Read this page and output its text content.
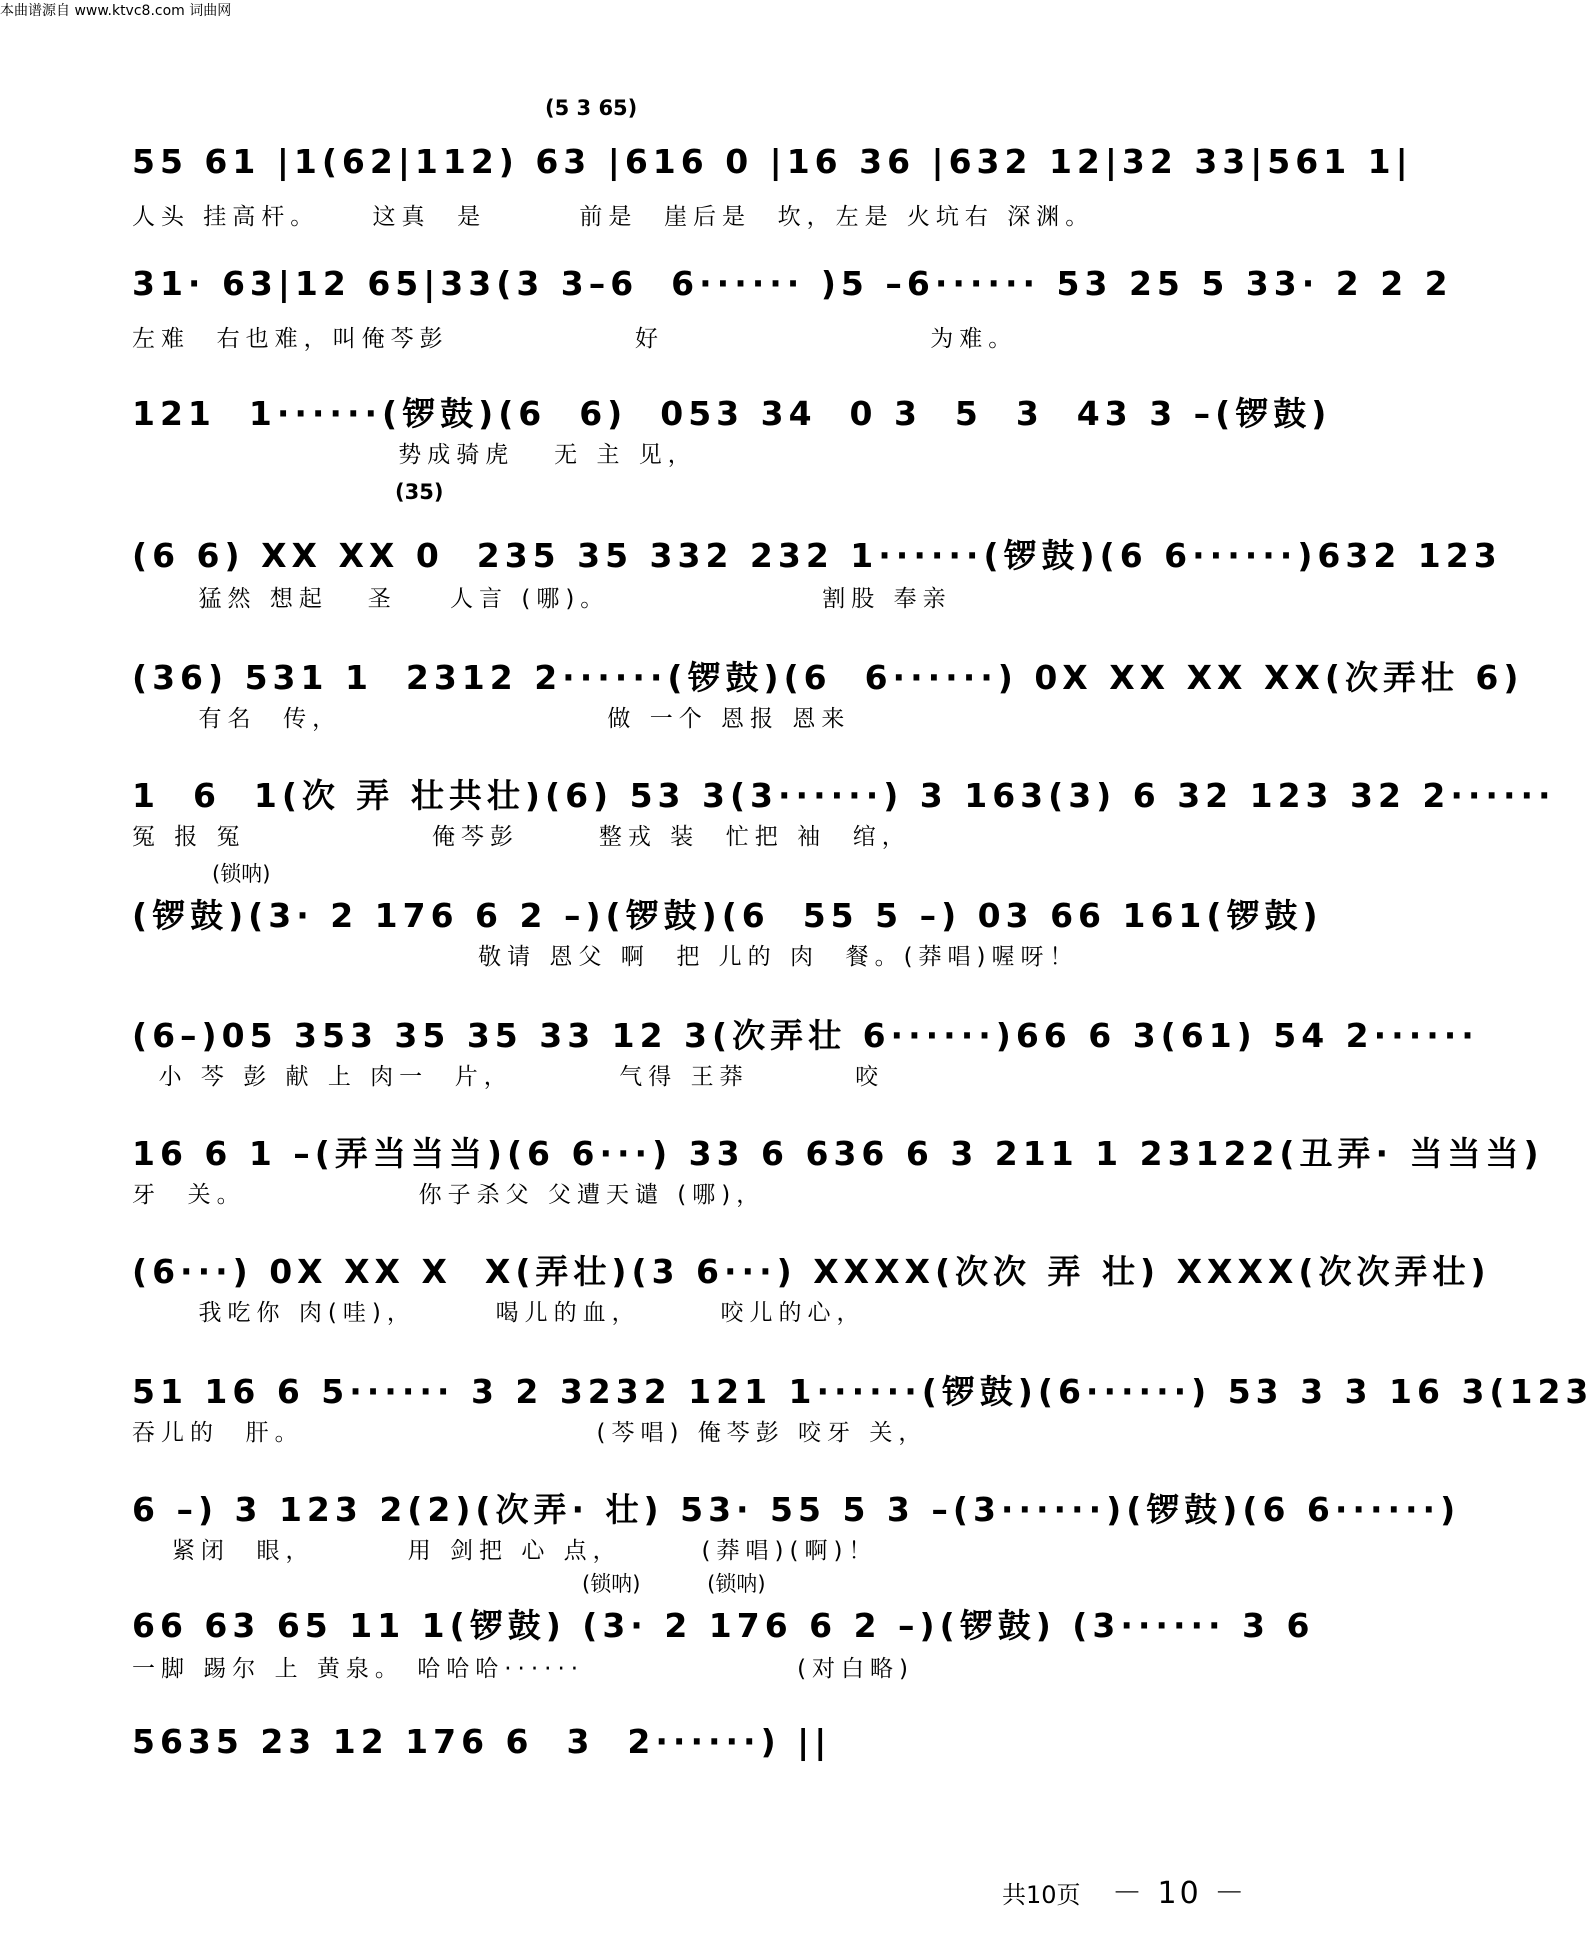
本曲谱源自 www.ktvc8.com 词曲网
(5 3 65)
55 61 |1(62|112) 63 |616 0 |16 36 |632 12|32 33|561 1|
人头 挂高杆。    这真  是       前是  崖后是  坎，左是 火坑右 深渊。
31· 63|12 65|33(3 3–6  6······ )5 –6······ 53 25 5 33· 2 2 2
左难  右也难，叫俺芩彭              好                    为难。
121  1······(锣鼓)(6  6)  053 34  0 3  5  3  43 3 –(锣鼓)
势成骑虎   无 主 见，
(35)
(6 6) XX XX 0  235 35 332 232 1······(锣鼓)(6 6······)632 123
猛然 想起   圣    人言 (哪)。                割股 奉亲
(36) 531 1  2312 2······(锣鼓)(6  6······) 0X XX XX XX(次弄壮 6)
有名  传，                    做 一个 恩报 恩来
1  6  1(次 弄 壮共壮)(6) 53 3(3······) 3 163(3) 6 32 123 32 2······
冤 报 冤              俺芩彭      整戎 装  忙把 袖  绾，
(锁呐)
(锣鼓)(3· 2 176 6 2 –)(锣鼓)(6  55 5 –) 03 66 161(锣鼓)
敬请 恩父 啊  把 儿的 肉  餐。(莽唱)喔呀！
(6–)05 353 35 35 33 12 3(次弄壮 6······)66 6 3(61) 54 2······
小 芩 彭 献 上 肉一  片，        气得 王莽        咬
16 6 1 –(弄当当当)(6 6···) 33 6 636 6 3 211 1 23122(丑弄· 当当当)
牙  关。             你子杀父 父遭天谴 (哪)，
(6···) 0X XX X  X(弄壮)(3 6···) XXXX(次次 弄 壮) XXXX(次次弄壮)
我吃你 肉(哇)，      喝儿的血，      咬儿的心，
51 16 6 5······ 3 2 3232 121 1······(锣鼓)(6······) 53 3 3 16 3(123
吞儿的  肝。                      (芩唱) 俺芩彭 咬牙 关，
6 –) 3 123 2(2)(次弄· 壮) 53· 55 5 3 –(3······)(锣鼓)(6 6······)
紧闭  眼，       用 剑把 心 点，      (莽唱)(啊)！
(锁呐)          (锁呐)
66 63 65 11 1(锣鼓) (3· 2 176 6 2 –)(锣鼓) (3······ 3 6
一脚 踢尔 上 黄泉。 哈哈哈······                (对白略)
5635 23 12 176 6  3  2······) ||
共10页 － 10 －
